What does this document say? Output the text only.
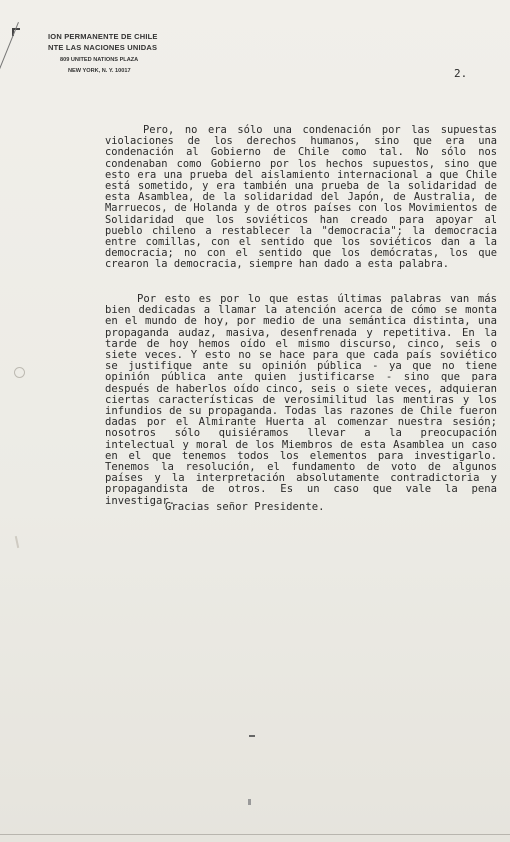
ION PERMANENTE DE CHILE
NTE LAS NACIONES UNIDAS
809 UNITED NATIONS PLAZA
NEW YORK, N. Y. 10017	2.

Pero, no era sólo una condenación por las supuestas violaciones de los derechos humanos, sino que era una condenación al Gobierno de Chile como tal. No sólo nos condenaban como Gobierno por los hechos supuestos, sino que esto era una prueba del aislamiento internacional a que Chile está sometido, y era también una prueba de la solidaridad de esta Asamblea, de la solidaridad del Japón, de Australia, de Marruecos, de Holanda y de otros países con los Movimientos de Solidaridad que los soviéticos han creado para apoyar al pueblo chileno a restablecer la "democracia"; la democracia entre comillas, con el sentido que los soviéticos dan a la democracia; no con el sentido que los demócratas, los que crearon la democracia, siempre han dado a esta palabra.

Por esto es por lo que estas últimas palabras van más bien dedicadas a llamar la atención acerca de cómo se monta en el mundo de hoy, por medio de una semántica distinta, una propaganda audaz, masiva, desenfrenada y repetitiva. En la tarde de hoy hemos oído el mismo discurso, cinco, seis o siete veces. Y esto no se hace para que cada país soviético se justifique ante su opinión pública - ya que no tiene opinión pública ante quien justificarse - sino que para después de haberlos oído cinco, seis o siete veces, adquieran ciertas características de verosimilitud las mentiras y los infundios de su propaganda. Todas las razones de Chile fueron dadas por el Almirante Huerta al comenzar nuestra sesión; nosotros sólo quisiéramos llevar a la preocupación intelectual y moral de los Miembros de esta Asamblea un caso en el que tenemos todos los elementos para investigarlo. Tenemos la resolución, el fundamento de voto de algunos países y la interpretación absolutamente contradictoria y propagandista de otros. Es un caso que vale la pena investigar.

Gracias señor Presidente.
